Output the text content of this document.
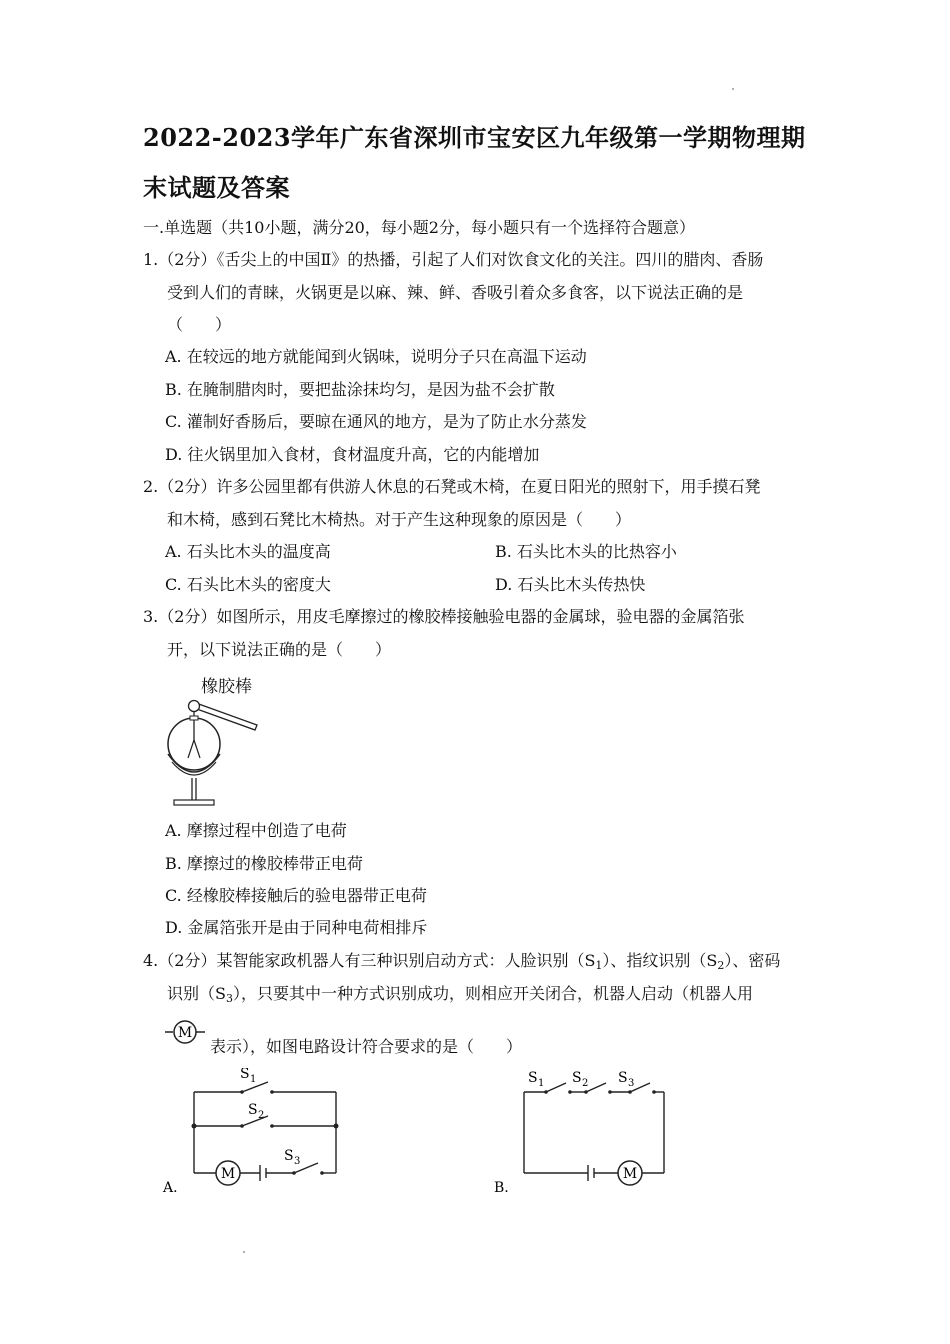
2022-2023学年广东省深圳市宝安区九年级第一学期物理期
末试题及答案
一.单选题（共10小题，满分20，每小题2分，每小题只有一个选择符合题意）
1.（2分）《舌尖上的中国Ⅱ》的热播，引起了人们对饮食文化的关注。四川的腊肉、香肠
受到人们的青睐，火锅更是以麻、辣、鲜、香吸引着众多食客，以下说法正确的是
（　　）
A. 在较远的地方就能闻到火锅味，说明分子只在高温下运动
B. 在腌制腊肉时，要把盐涂抹均匀，是因为盐不会扩散
C. 灌制好香肠后，要晾在通风的地方，是为了防止水分蒸发
D. 往火锅里加入食材，食材温度升高，它的内能增加
2.（2分）许多公园里都有供游人休息的石凳或木椅，在夏日阳光的照射下，用手摸石凳
和木椅，感到石凳比木椅热。对于产生这种现象的原因是（　　）
A. 石头比木头的温度高	B. 石头比木头的比热容小
C. 石头比木头的密度大	D. 石头比木头传热快
3.（2分）如图所示，用皮毛摩擦过的橡胶棒接触验电器的金属球，验电器的金属箔张
开，以下说法正确的是（　　）
橡胶棒
A. 摩擦过程中创造了电荷
B. 摩擦过的橡胶棒带正电荷
C. 经橡胶棒接触后的验电器带正电荷
D. 金属箔张开是由于同种电荷相排斥
4.（2分）某智能家政机器人有三种识别启动方式：人脸识别$(S_1)$、指纹识别$(S_2)$、密码
识别$(S_3)$，只要其中一种方式识别成功，则相应开关闭合，机器人启动（机器人用
M
表示），如图电路设计符合要求的是（　　）
M
S 1
S 2
S 3
A.
M
S 1 S 2 S 3
B.
